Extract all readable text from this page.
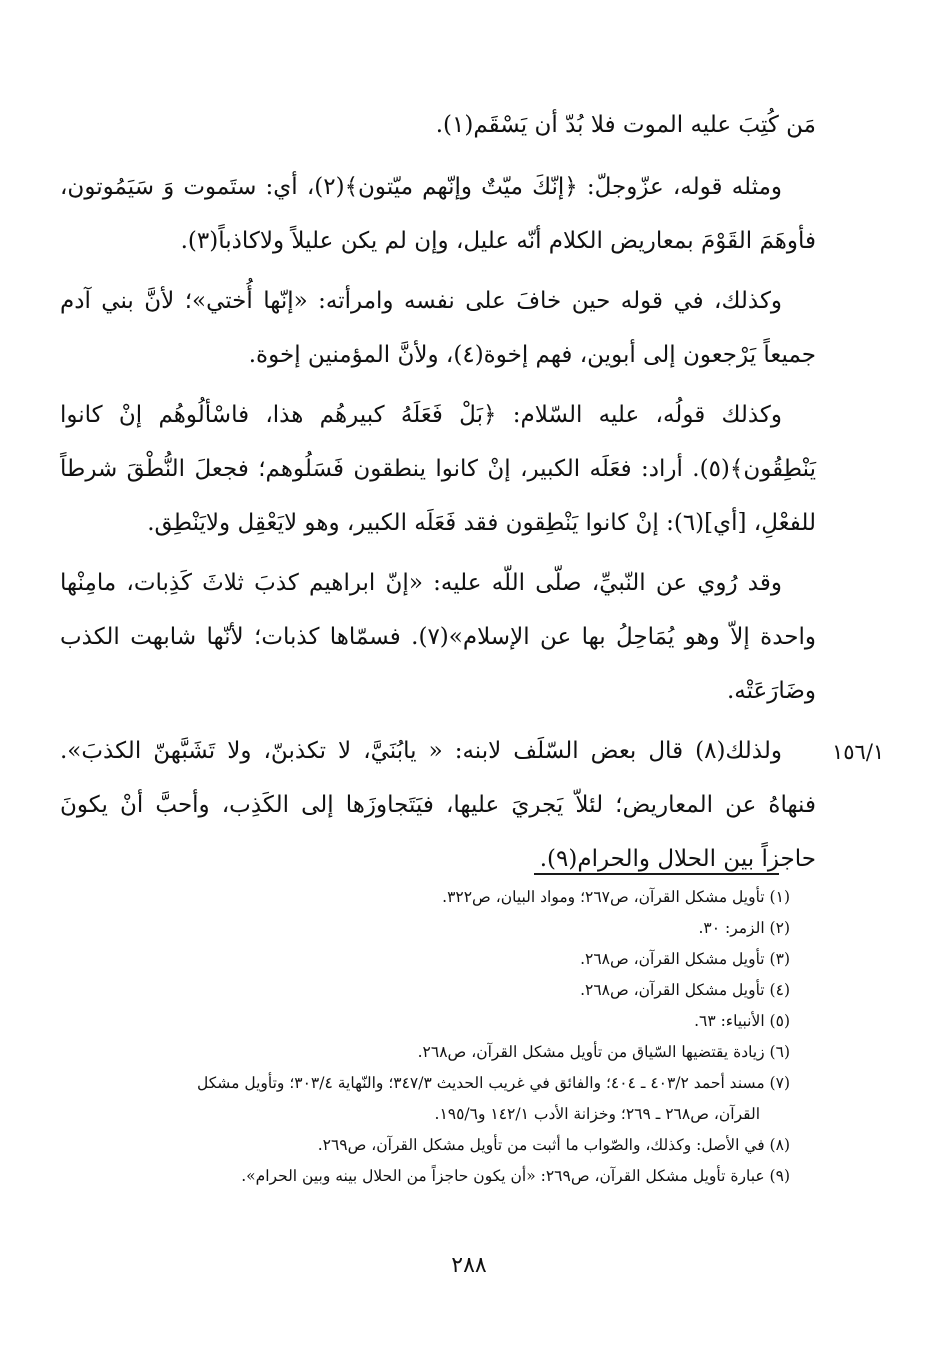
مَن كُتِبَ عليه الموت فلا بُدّ أن يَسْقَم(١).

ومثله قوله، عزّوجلّ: ﴿إنّكَ ميّتٌ وإنّهم ميّتون﴾(٢)، أي: ستَموت وَ سَيَمُوتون، فأوهَمَ القَوْمَ بمعاريض الكلام أنّه عليل، وإن لم يكن عليلاً ولاكاذباً(٣).

وكذلك، في قوله حين خافَ على نفسه وامرأته: «إنّها أُختي»؛ لأنَّ بني آدم جميعاً يَرْجعون إلى أبوين، فهم إخوة(٤)، ولأنَّ المؤمنين إخوة.

وكذلك قولُه، عليه السّلام: ﴿بَلْ فَعَلَهُ كبيرهُم هذا، فاسْألُوهُم إنْ كانوا يَنْطِقُون﴾(٥). أراد: فعَلَه الكبير، إنْ كانوا ينطقون فَسَلُوهم؛ فجعلَ النُّطْقَ شرطاً للفعْلِ، [أي](٦): إنْ كانوا يَنْطِقون فقد فَعَلَه الكبير، وهو لايَعْقِل ولايَنْطِق.

وقد رُوي عن النّبيِّ، صلّى اللّه عليه: «إنّ ابراهيم كذبَ ثلاثَ كَذِبات، مامِنْها واحدة إلاّ وهو يُمَاحِلُ بها عن الإسلام»(٧). فسمّاها كذبات؛ لأنّها شابهت الكذب وضَارَعَتْه.

ولذلك(٨) قال بعض السّلَف لابنه: « يابُنَيَّ، لا تكذبنّ، ولا تَشَبَّهنّ الكذبَ». فنهاهُ عن المعاريض؛ لئلاّ يَجريَ عليها، فيَتَجاوزَها إلى الكَذِب، وأحبَّ أنْ يكونَ حاجزاً بين الحلال والحرام(٩).

١٥٦/١
(١) تأويل مشكل القرآن، ص٢٦٧؛ ومواد البيان، ص٣٢٢.
(٢) الزمر: ٣٠.
(٣) تأويل مشكل القرآن، ص٢٦٨.
(٤) تأويل مشكل القرآن، ص٢٦٨.
(٥) الأنبياء: ٦٣.
(٦) زيادة يقتضيها السّياق من تأويل مشكل القرآن، ص٢٦٨.
(٧) مسند أحمد ٤٠٣/٢ ـ ٤٠٤؛ والفائق في غريب الحديث ٣٤٧/٣؛ والنّهاية ٣٠٣/٤؛ وتأويل مشكل
القرآن، ص٢٦٨ ـ ٢٦٩؛ وخزانة الأدب ١٤٢/١ و١٩٥/٦.
(٨) في الأصل: وكذلك، والصّواب ما أثبت من تأويل مشكل القرآن، ص٢٦٩.
(٩) عبارة تأويل مشكل القرآن، ص٢٦٩: «أن يكون حاجزاً من الحلال بينه وبين الحرام».
٢٨٨
